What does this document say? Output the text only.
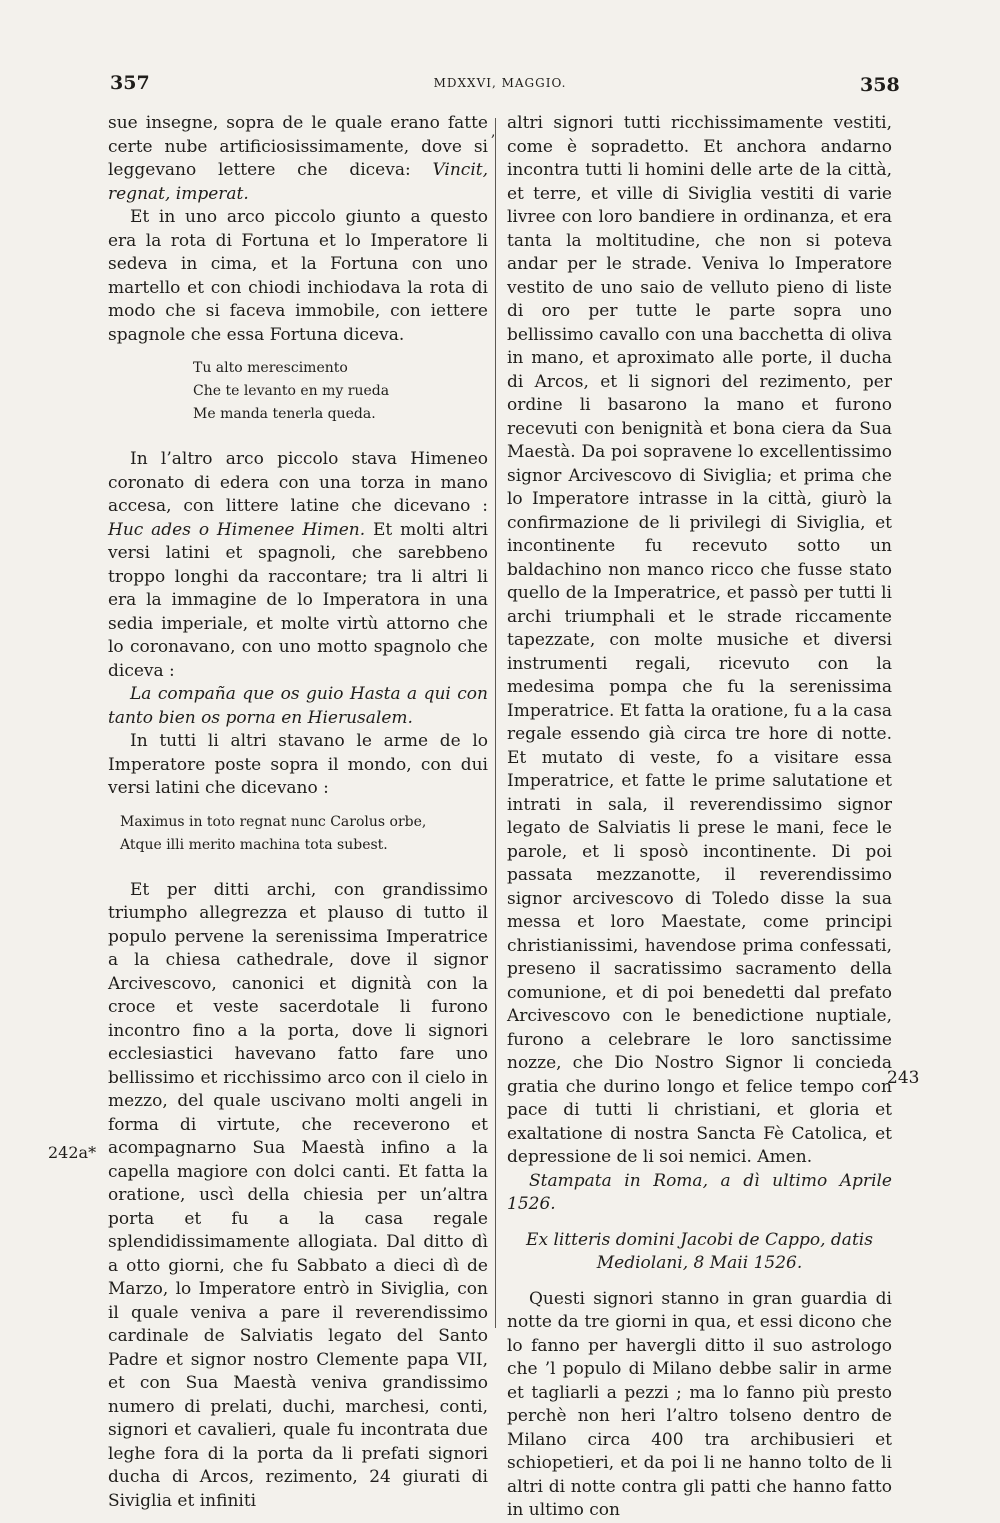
357	MDXXVI, MAGGIO.	358
,

sue insegne, sopra de le quale erano fatte certe nube artificiosissimamente, dove si leggevano lettere che diceva: Vincit, regnat, imperat.

Et in uno arco piccolo giunto a questo era la rota di Fortuna et lo Imperatore li sedeva in cima, et la Fortuna con uno martello et con chiodi inchiodava la rota di modo che si faceva immobile, con iettere spagnole che essa Fortuna diceva.

Tu alto merescimento
Che te levanto en my rueda
Me manda tenerla queda.

In l’altro arco piccolo stava Himeneo coronato di edera con una torza in mano accesa, con littere latine che dicevano : Huc ades o Himenee Himen. Et molti altri versi latini et spagnoli, che sarebbeno troppo longhi da raccontare; tra li altri li era la immagine de lo Imperatora in una sedia imperiale, et molte virtù attorno che lo coronavano, con uno motto spagnolo che diceva :

La compaña que os guio Hasta a qui con tanto bien os porna en Hierusalem.

In tutti li altri stavano le arme de lo Imperatore poste sopra il mondo, con dui versi latini che dicevano :

Maximus in toto regnat nunc Carolus orbe,
Atque illi merito machina tota subest.

Et per ditti archi, con grandissimo triumpho allegrezza et plauso di tutto il populo pervene la serenissima Imperatrice a la chiesa cathedrale, dove il signor Arcivescovo, canonici et dignità con la croce et veste sacerdotale li furono incontro fino a la porta, dove li signori ecclesiastici havevano fatto fare uno bellissimo et ricchissimo arco con il cielo in mezzo, del quale uscivano molti angeli in forma di virtute, che receverono et acompagnarno Sua Maestà infino a la capella magiore con dolci canti. Et fatta la oratione, uscì della chiesia per un’altra porta et fu a la casa regale splendidissimamente allogiata. Dal ditto dì a otto giorni, che fu Sabbato a dieci dì de Marzo, lo Imperatore entrò in Siviglia, con il quale veniva a pare il reverendissimo cardinale de Salviatis legato del Santo Padre et signor nostro Clemente papa VII, et con Sua Maestà veniva grandissimo numero di prelati, duchi, marchesi, conti, signori et cavalieri, quale fu incontrata due leghe fora di la porta da li prefati signori ducha di Arcos, rezimento, 24 giurati di Siviglia et infiniti

242a*

altri signori tutti ricchissimamente vestiti, come è sopradetto. Et anchora andarno incontra tutti li homini delle arte de la città, et terre, et ville di Siviglia vestiti di varie livree con loro bandiere in ordinanza, et era tanta la moltitudine, che non si poteva andar per le strade. Veniva lo Imperatore vestito de uno saio de velluto pieno di liste di oro per tutte le parte sopra uno bellissimo cavallo con una bacchetta di oliva in mano, et aproximato alle porte, il ducha di Arcos, et li signori del rezimento, per ordine li basarono la mano et furono recevuti con benignità et bona ciera da Sua Maestà. Da poi sopravene lo excellentissimo signor Arcivescovo di Siviglia; et prima che lo Imperatore intrasse in la città, giurò la confirmazione de li privilegi di Siviglia, et incontinente fu recevuto sotto un baldachino non manco ricco che fusse stato quello de la Imperatrice, et passò per tutti li archi triumphali et le strade riccamente tapezzate, con molte musiche et diversi instrumenti regali, ricevuto con la medesima pompa che fu la serenissima Imperatrice. Et fatta la oratione, fu a la casa regale essendo già circa tre hore di notte. Et mutato di veste, fo a visitare essa Imperatrice, et fatte le prime salutatione et intrati in sala, il reverendissimo signor legato de Salviatis li prese le mani, fece le parole, et li sposò incontinente. Di poi passata mezzanotte, il reverendissimo signor arcivescovo di Toledo disse la sua messa et loro Maestate, come principi christianissimi, havendose prima confessati, preseno il sacratissimo sacramento della comunione, et di poi benedetti dal prefato Arcivescovo con le benedictione nuptiale, furono a celebrare le loro sanctissime nozze, che Dio Nostro Signor li concieda gratia che durino longo et felice tempo con pace di tutti li christiani, et gloria et exaltatione di nostra Sancta Fè Catolica, et depressione de li soi nemici. Amen.

Stampata in Roma, a dì ultimo Aprile 1526.

Ex litteris domini Jacobi de Cappo, datis Mediolani, 8 Maii 1526.

Questi signori stanno in gran guardia di notte da tre giorni in qua, et essi dicono che lo fanno per havergli ditto il suo astrologo che ’l populo di Milano debbe salir in arme et tagliarli a pezzi ; ma lo fanno più presto perchè non heri l’altro tolseno dentro de Milano circa 400 tra archibusieri et schiopetieri, et da poi li ne hanno tolto de li altri di notte contra gli patti che hanno fatto in ultimo con

243
